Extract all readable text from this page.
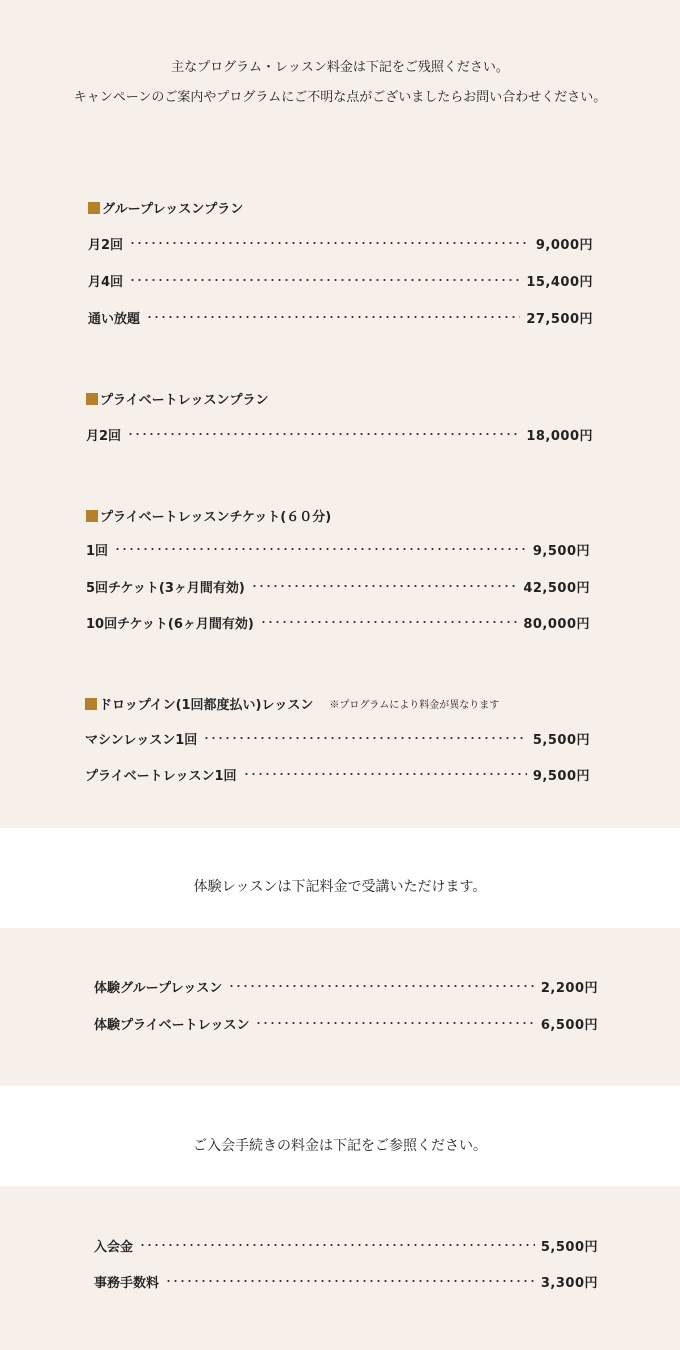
主なプログラム・レッスン料金は下記をご残照ください。
キャンペーンのご案内やプログラムにご不明な点がございましたらお問い合わせください。
グループレッスンプラン
月2回	9,000円
月4回	15,400円
通い放題	27,500円
プライベートレッスンプラン
月2回	18,000円
プライベートレッスンチケット(６０分)
1回	9,500円
5回チケット(3ヶ月間有効)	42,500円
10回チケット(6ヶ月間有効)	80,000円
ドロップイン(1回都度払い)レッスン ※プログラムにより料金が異なります
マシンレッスン1回	5,500円
プライベートレッスン1回	9,500円
体験レッスンは下記料金で受講いただけます。
体験グループレッスン	2,200円
体験プライベートレッスン	6,500円
ご入会手続きの料金は下記をご参照ください。
入会金	5,500円
事務手数料	3,300円
